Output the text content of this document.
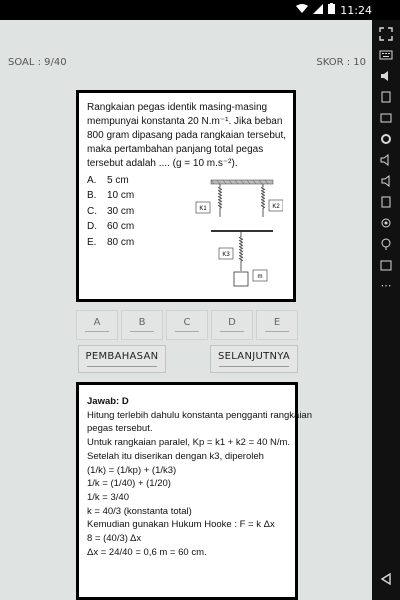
11:24
⋯
SOAL : 9/40	SKOR : 10
Rangkaian pegas identik masing-masing mempunyai konstanta 20 N.m⁻¹. Jika beban 800 gram dipasang pada rangkaian tersebut, maka pertambahan panjang total pegas tersebut adalah .... (g = 10 m.s⁻²).
A.	5 cm
B.	10 cm
C.	30 cm
D.	60 cm
E.	80 cm
K1	K2
K3
m
A	B	C	D	E
PEMBAHASAN	SELANJUTNYA
Jawab: D
Hitung terlebih dahulu konstanta pengganti rangkaian
pegas tersebut.
Untuk rangkaian paralel, Kp = k1 + k2 = 40 N/m.
Setelah itu diserikan dengan k3, diperoleh
(1/k) = (1/kp) + (1/k3)
1/k = (1/40) + (1/20)
1/k = 3/40
k = 40/3 (konstanta total)
Kemudian gunakan Hukum Hooke : F = k Δx
8 = (40/3) Δx
Δx = 24/40 = 0,6 m = 60 cm.
